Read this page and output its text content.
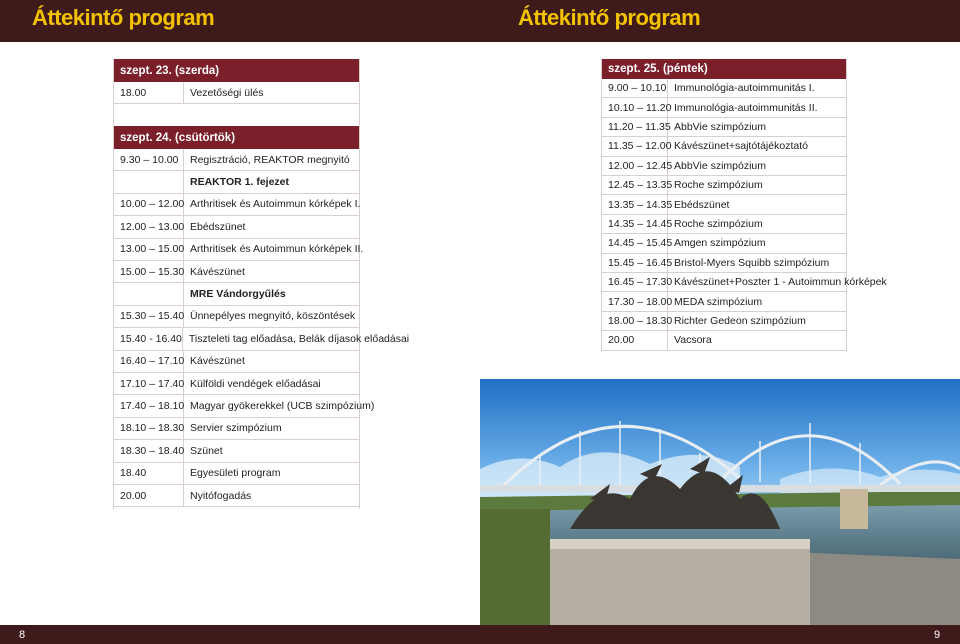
Áttekintő program	Áttekintő program
szept. 23. (szerda)
18.00	Vezetőségi ülés
szept. 24. (csütörtök)
9.30 – 10.00	Regisztráció, REAKTOR megnyitó
REAKTOR 1. fejezet
10.00 – 12.00 Arthritisek és Autoimmun kórképek I.
12.00 – 13.00 Ebédszünet
13.00 – 15.00 Arthritisek és Autoimmun kórképek II.
15.00 – 15.30 Kávészünet
MRE Vándorgyűlés
15.30 – 15.40 Ünnepélyes megnyitó, köszöntések
15.40 - 16.40 Tiszteleti tag előadása, Belák díjasok előadásai
16.40 – 17.10 Kávészünet
17.10 – 17.40 Külföldi vendégek előadásai
17.40 – 18.10 Magyar gyökerekkel (UCB szimpózium)
18.10 – 18.30 Servier szimpózium
18.30 – 18.40 Szünet
18.40	Egyesületi program
20.00	Nyitófogadás
szept. 25. (péntek)
9.00 – 10.10 Immunológia-autoimmunitás I.
10.10 – 11.20 Immunológia-autoimmunitás II.
11.20 – 11.35 AbbVie szimpózium
11.35 – 12.00 Kávészünet+sajtótájékoztató
12.00 – 12.45 AbbVie szimpózium
12.45 – 13.35 Roche szimpózium
13.35 – 14.35 Ebédszünet
14.35 – 14.45 Roche szimpózium
14.45 – 15.45 Amgen szimpózium
15.45 – 16.45 Bristol-Myers Squibb szimpózium
16.45 – 17.30 Kávészünet+Poszter 1 - Autoimmun kórképek
17.30 – 18.00 MEDA szimpózium
18.00 – 18.30 Richter Gedeon szimpózium
20.00	Vacsora
8	9
